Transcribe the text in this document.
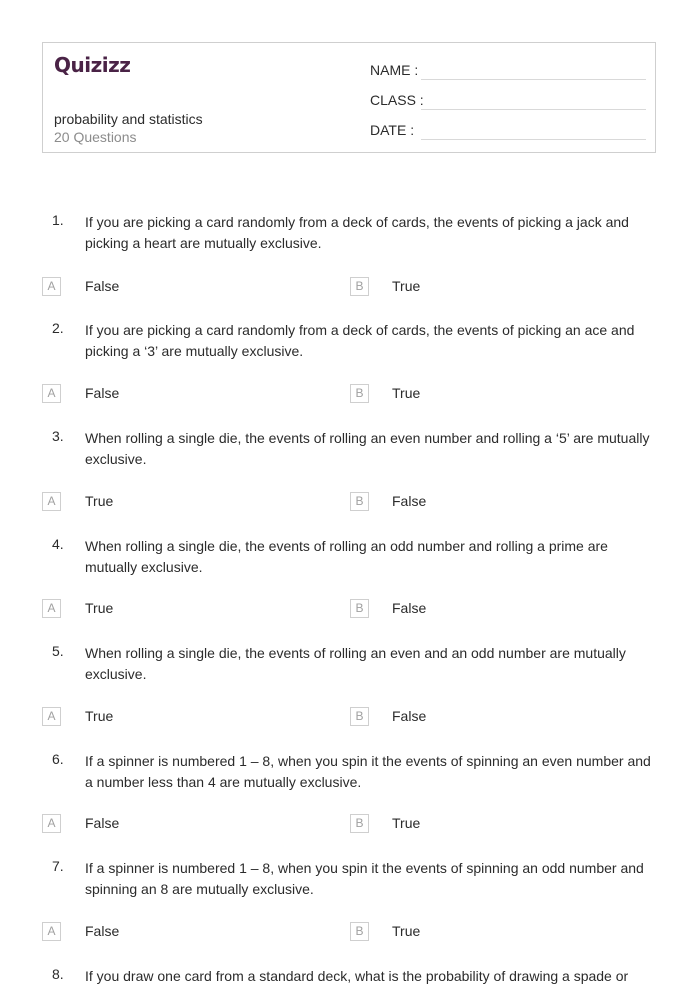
Quizizz
probability and statistics
20 Questions
NAME :
CLASS :
DATE :
1. If you are picking a card randomly from a deck of cards, the events of picking a jack and picking a heart are mutually exclusive.
A	False	B	True
2. If you are picking a card randomly from a deck of cards, the events of picking an ace and picking a ‘3’ are mutually exclusive.
A	False	B	True
3. When rolling a single die, the events of rolling an even number and rolling a ‘5’ are mutually exclusive.
A	True	B	False
4. When rolling a single die, the events of rolling an odd number and rolling a prime are mutually exclusive.
A	True	B	False
5. When rolling a single die, the events of rolling an even and an odd number are mutually exclusive.
A	True	B	False
6. If a spinner is numbered 1 – 8, when you spin it the events of spinning an even number and a number less than 4 are mutually exclusive.
A	False	B	True
7. If a spinner is numbered 1 – 8, when you spin it the events of spinning an odd number and spinning an 8 are mutually exclusive.
A	False	B	True
8. If you draw one card from a standard deck, what is the probability of drawing a spade or
